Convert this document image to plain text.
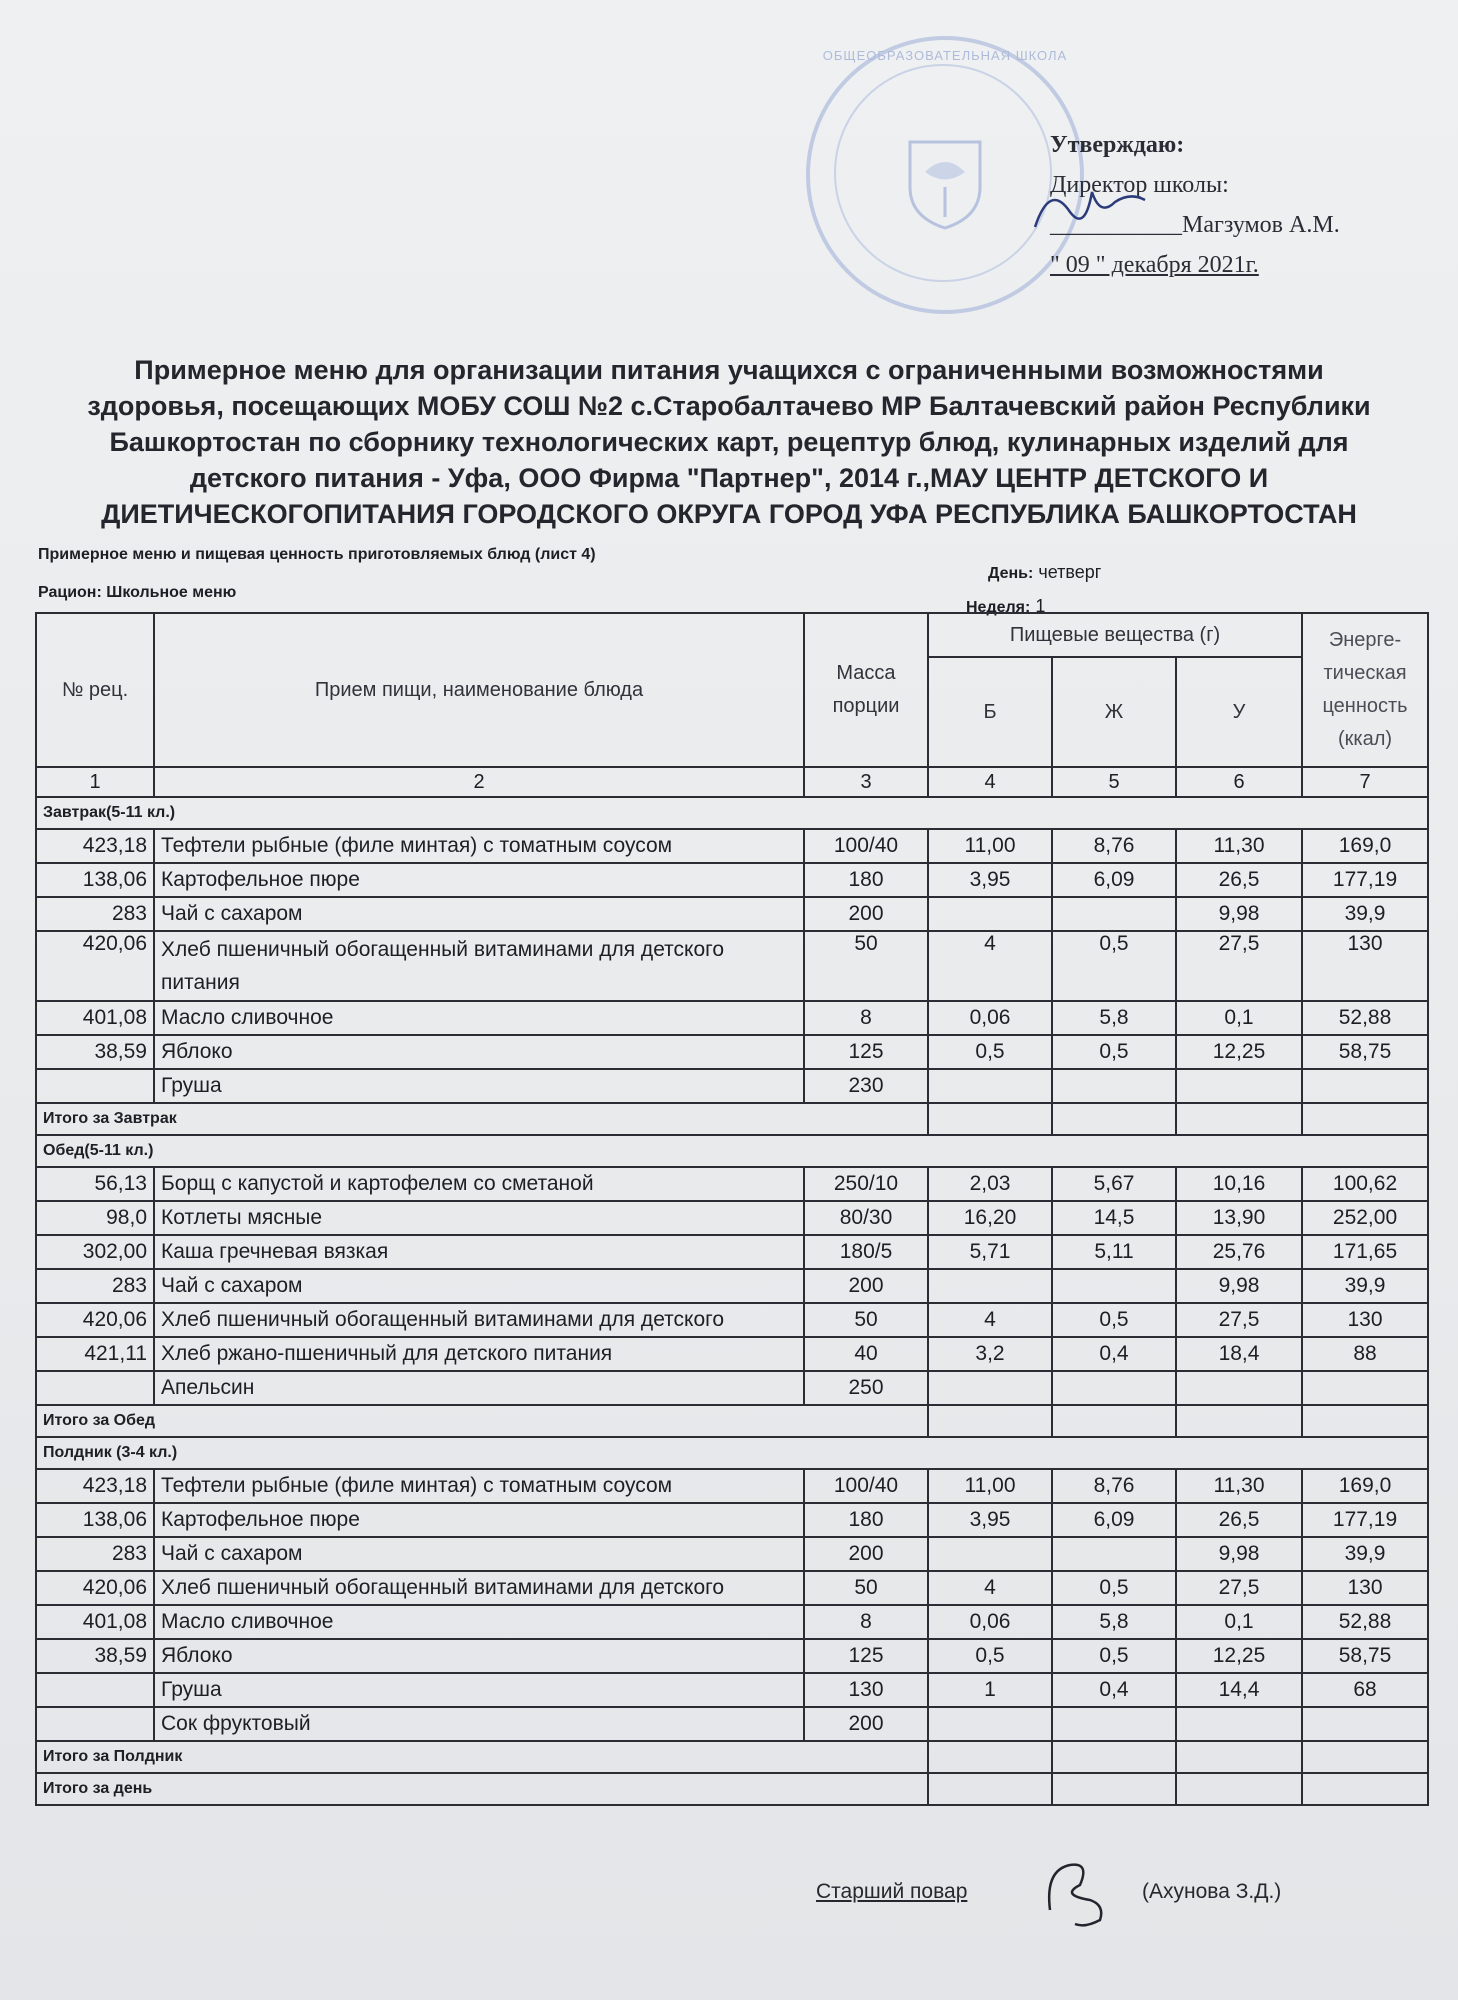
ОБЩЕОБРАЗОВАТЕЛЬНАЯ ШКОЛА
Утверждаю:
Директор школы:
___________Магзумов А.М.
" 09 " декабря 2021г.
Примерное меню для организации питания учащихся с ограниченными возможностями
здоровья, посещающих МОБУ СОШ №2 с.Старобалтачево МР Балтачевский район Республики
Башкортостан по сборнику технологических карт, рецептур блюд, кулинарных изделий для
детского питания - Уфа, ООО Фирма "Партнер", 2014 г.,МАУ ЦЕНТР ДЕТСКОГО И
ДИЕТИЧЕСКОГОПИТАНИЯ ГОРОДСКОГО ОКРУГА ГОРОД УФА РЕСПУБЛИКА БАШКОРТОСТАН
Примерное меню и пищевая ценность приготовляемых блюд (лист 4)
Рацион: Школьное меню
День: четверг
Неделя: 1
№ рец.	Прием пищи, наименование блюда	Масса порции	Пищевые вещества (г)			Энерге-тическая ценность (ккал)
			Б	Ж	У	
1	2	3	4	5	6	7
Завтрак(5-11 кл.)						
423,18	Тефтели рыбные (филе минтая) с томатным соусом	100/40	11,00	8,76	11,30	169,0
138,06	Картофельное пюре	180	3,95	6,09	26,5	177,19
283	Чай с сахаром	200			9,98	39,9
420,06	Хлеб пшеничный обогащенный витаминами для детского питания	50	4	0,5	27,5	130
401,08	Масло сливочное	8	0,06	5,8	0,1	52,88
38,59	Яблоко	125	0,5	0,5	12,25	58,75
	Груша	230				
Итого за Завтрак						
Обед(5-11 кл.)						
56,13	Борщ с капустой и картофелем со сметаной	250/10	2,03	5,67	10,16	100,62
98,0	Котлеты мясные	80/30	16,20	14,5	13,90	252,00
302,00	Каша гречневая вязкая	180/5	5,71	5,11	25,76	171,65
283	Чай с сахаром	200			9,98	39,9
420,06	Хлеб пшеничный обогащенный витаминами для детского	50	4	0,5	27,5	130
421,11	Хлеб ржано-пшеничный для детского питания	40	3,2	0,4	18,4	88
	Апельсин	250				
Итого за Обед						
Полдник (3-4 кл.)						
423,18	Тефтели рыбные (филе минтая) с томатным соусом	100/40	11,00	8,76	11,30	169,0
138,06	Картофельное пюре	180	3,95	6,09	26,5	177,19
283	Чай с сахаром	200			9,98	39,9
420,06	Хлеб пшеничный обогащенный витаминами для детского	50	4	0,5	27,5	130
401,08	Масло сливочное	8	0,06	5,8	0,1	52,88
38,59	Яблоко	125	0,5	0,5	12,25	58,75
	Груша	130	1	0,4	14,4	68
	Сок фруктовый	200				
Итого за Полдник						
Итого за день						
Старший повар	(Ахунова З.Д.)
